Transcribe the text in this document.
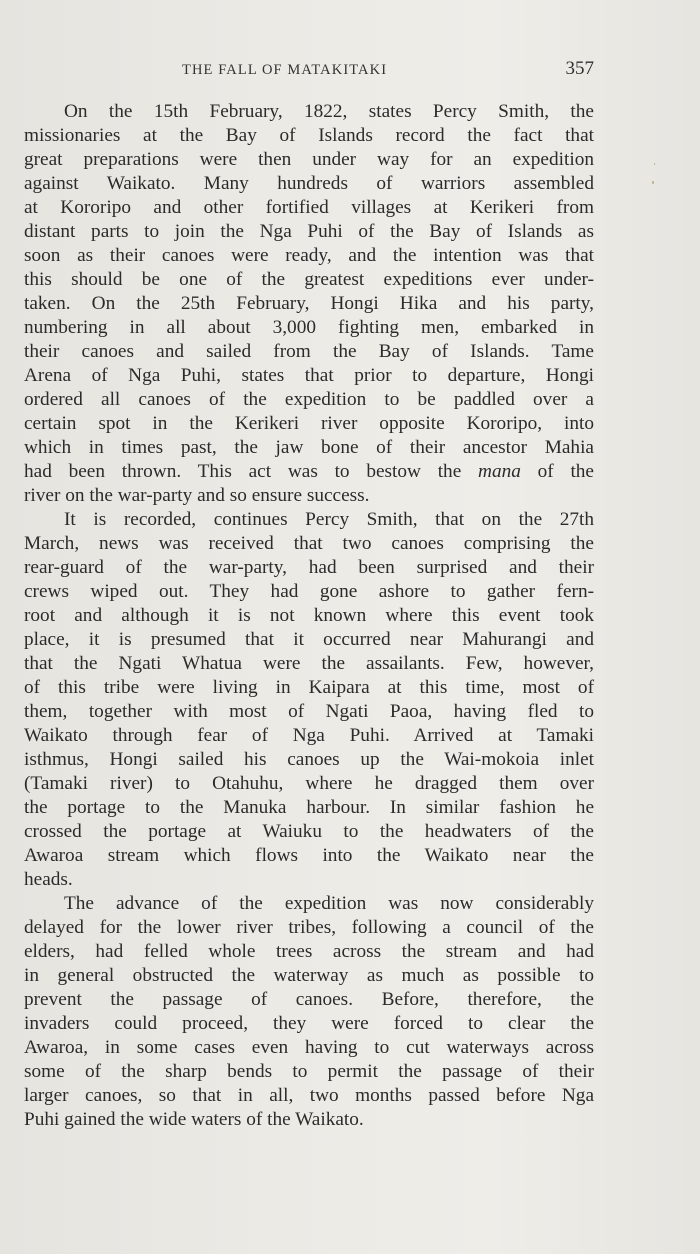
THE FALL OF MATAKITAKI	357
On the 15th February, 1822, states Percy Smith, the
missionaries at the Bay of Islands record the fact that
great preparations were then under way for an expedition
against Waikato. Many hundreds of warriors assembled
at Kororipo and other fortified villages at Kerikeri from
distant parts to join the Nga Puhi of the Bay of Islands as
soon as their canoes were ready, and the intention was that
this should be one of the greatest expeditions ever under-
taken. On the 25th February, Hongi Hika and his party,
numbering in all about 3,000 fighting men, embarked in
their canoes and sailed from the Bay of Islands. Tame
Arena of Nga Puhi, states that prior to departure, Hongi
ordered all canoes of the expedition to be paddled over a
certain spot in the Kerikeri river opposite Kororipo, into
which in times past, the jaw bone of their ancestor Mahia
had been thrown. This act was to bestow the mana of the
river on the war-party and so ensure success.
It is recorded, continues Percy Smith, that on the 27th
March, news was received that two canoes comprising the
rear-guard of the war-party, had been surprised and their
crews wiped out. They had gone ashore to gather fern-
root and although it is not known where this event took
place, it is presumed that it occurred near Mahurangi and
that the Ngati Whatua were the assailants. Few, however,
of this tribe were living in Kaipara at this time, most of
them, together with most of Ngati Paoa, having fled to
Waikato through fear of Nga Puhi. Arrived at Tamaki
isthmus, Hongi sailed his canoes up the Wai-mokoia inlet
(Tamaki river) to Otahuhu, where he dragged them over
the portage to the Manuka harbour. In similar fashion he
crossed the portage at Waiuku to the headwaters of the
Awaroa stream which flows into the Waikato near the
heads.
The advance of the expedition was now considerably
delayed for the lower river tribes, following a council of the
elders, had felled whole trees across the stream and had
in general obstructed the waterway as much as possible to
prevent the passage of canoes. Before, therefore, the
invaders could proceed, they were forced to clear the
Awaroa, in some cases even having to cut waterways across
some of the sharp bends to permit the passage of their
larger canoes, so that in all, two months passed before Nga
Puhi gained the wide waters of the Waikato.
